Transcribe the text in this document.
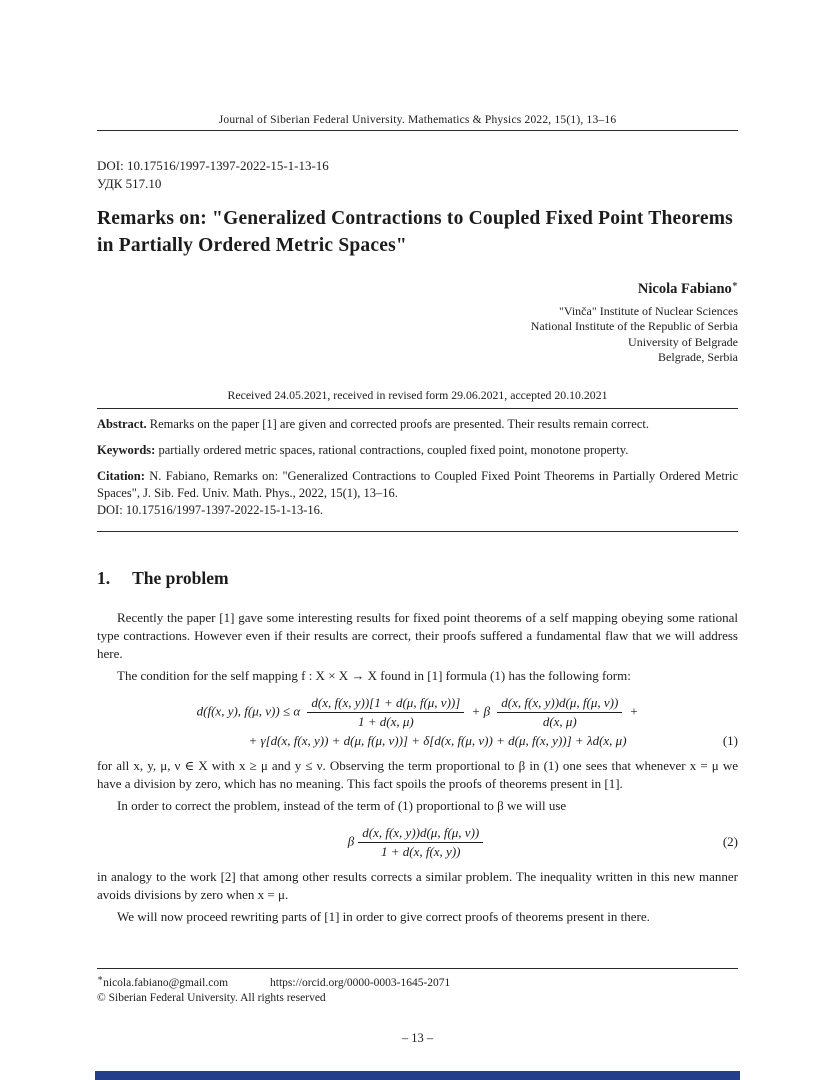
Journal of Siberian Federal University. Mathematics & Physics 2022, 15(1), 13–16
DOI: 10.17516/1997-1397-2022-15-1-13-16
УДК 517.10
Remarks on: "Generalized Contractions to Coupled Fixed Point Theorems in Partially Ordered Metric Spaces"
Nicola Fabiano∗
"Vinča" Institute of Nuclear Sciences
National Institute of the Republic of Serbia
University of Belgrade
Belgrade, Serbia
Received 24.05.2021, received in revised form 29.06.2021, accepted 20.10.2021
Abstract. Remarks on the paper [1] are given and corrected proofs are presented. Their results remain correct.
Keywords: partially ordered metric spaces, rational contractions, coupled fixed point, monotone property.
Citation: N. Fabiano, Remarks on: "Generalized Contractions to Coupled Fixed Point Theorems in Partially Ordered Metric Spaces", J. Sib. Fed. Univ. Math. Phys., 2022, 15(1), 13–16.
DOI: 10.17516/1997-1397-2022-15-1-13-16.
1. The problem
Recently the paper [1] gave some interesting results for fixed point theorems of a self mapping obeying some rational type contractions. However even if their results are correct, their proofs suffered a fundamental flaw that we will address here.
The condition for the self mapping f : X × X → X found in [1] formula (1) has the following form:
d(f(x, y), f(μ, ν)) ≤ α $\frac{d(x, f(x, y))[1 + d(\mu, f(\mu, \nu))]}{1 + d(x, \mu)} + \beta \frac{d(x, f(x, y))d(\mu, f(\mu, \nu))}{d(x, \mu)}$ +
+ γ[d(x, f(x, y)) + d(μ, f(μ, ν))] + δ[d(x, f(μ, ν)) + d(μ, f(x, y))] + λd(x, μ)	(1)
for all x, y, μ, ν ∈ X with x ≥ μ and y ≤ ν. Observing the term proportional to β in (1) one sees that whenever x = μ we have a division by zero, which has no meaning. This fact spoils the proofs of theorems present in [1].
In order to correct the problem, instead of the term of (1) proportional to β we will use
β $\frac{d(x, f(x, y))d(\mu, f(\mu, \nu))}{1 + d(x, f(x, y))}$	(2)
in analogy to the work [2] that among other results corrects a similar problem. The inequality written in this new manner avoids divisions by zero when x = μ.
We will now proceed rewriting parts of [1] in order to give correct proofs of theorems present in there.
∗nicola.fabiano@gmail.com	https://orcid.org/0000-0003-1645-2071
© Siberian Federal University. All rights reserved
– 13 –
